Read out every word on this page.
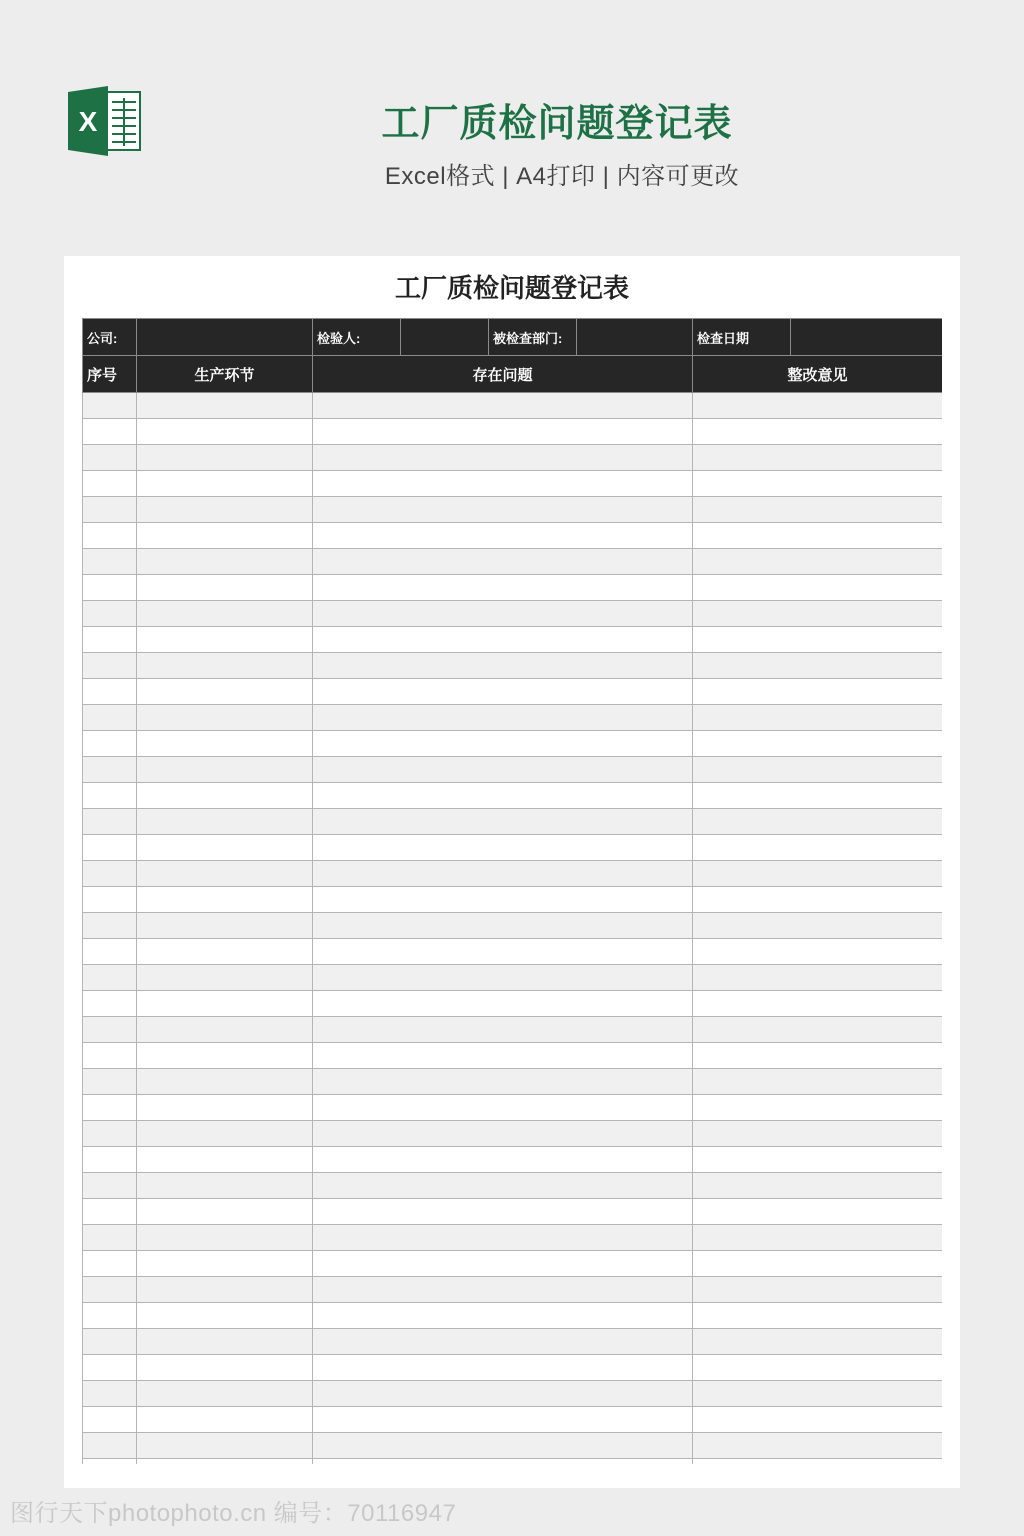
X	工厂质检问题登记表
Excel格式 | A4打印 | 内容可更改
工厂质检问题登记表
公司:		检验人:		被检查部门:		检查日期	
序号	生产环节	存在问题				整改意见	

图行天下photophoto.cn 编号：70116947
